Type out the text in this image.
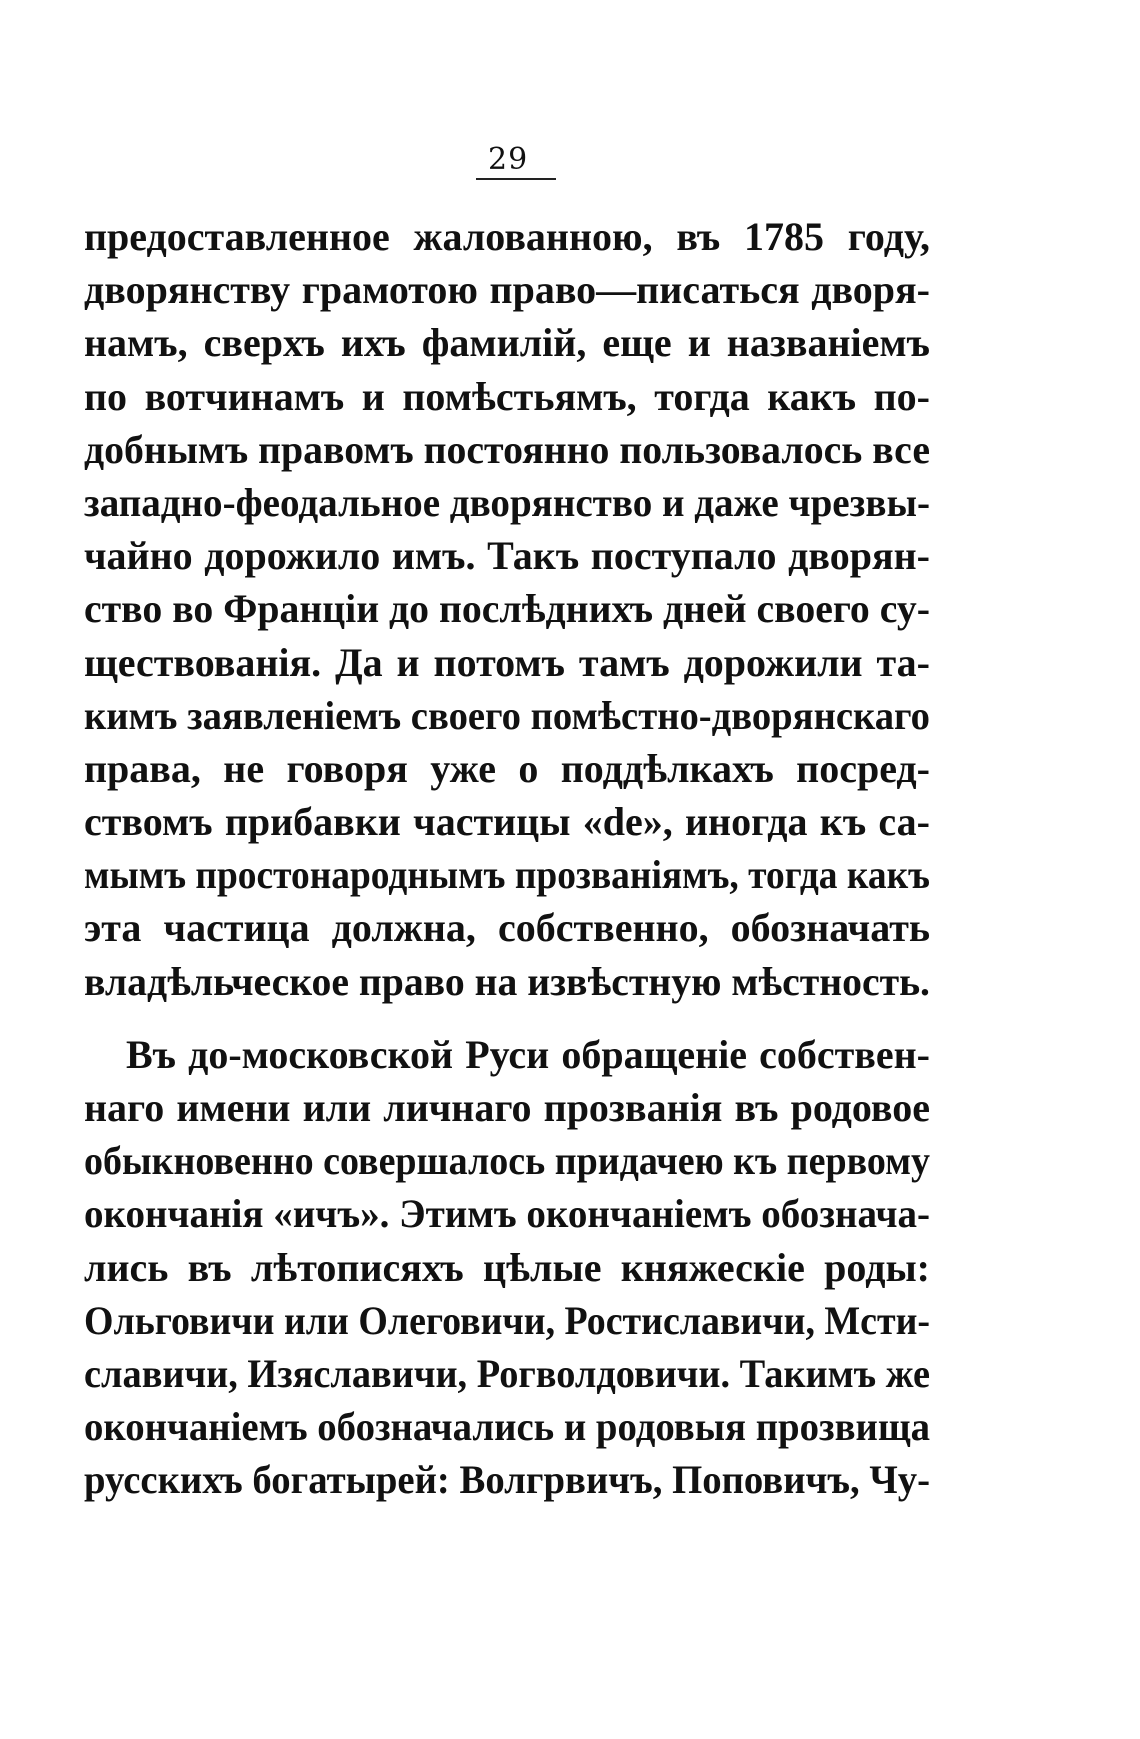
29
предоставленное жалованною, въ 1785 году,
дворянству грамотою право—писаться дворя-
намъ, сверхъ ихъ фамилій, еще и названіемъ
по вотчинамъ и помѣстьямъ, тогда какъ по-
добнымъ правомъ постоянно пользовалось все
западно-феодальное дворянство и даже чрезвы-
чайно дорожило имъ. Такъ поступало дворян-
ство во Франціи до послѣднихъ дней своего су-
ществованія. Да и потомъ тамъ дорожили та-
кимъ заявленіемъ своего помѣстно-дворянскаго
права, не говоря уже о поддѣлкахъ посред-
ствомъ прибавки частицы «de», иногда къ са-
мымъ простонароднымъ прозваніямъ, тогда какъ
эта частица должна, собственно, обозначать
владѣльческое право на извѣстную мѣстность.
Въ до-московской Руси обращеніе собствен-
наго имени или личнаго прозванія въ родовое
обыкновенно совершалось придачею къ первому
окончанія «ичъ». Этимъ окончаніемъ обознача-
лись въ лѣтописяхъ цѣлые княжескіе роды:
Ольговичи или Олеговичи, Ростиславичи, Мсти-
славичи, Изяславичи, Рогволдовичи. Такимъ же
окончаніемъ обозначались и родовыя прозвища
русскихъ богатырей: Волгрвичъ, Поповичъ, Чу-
